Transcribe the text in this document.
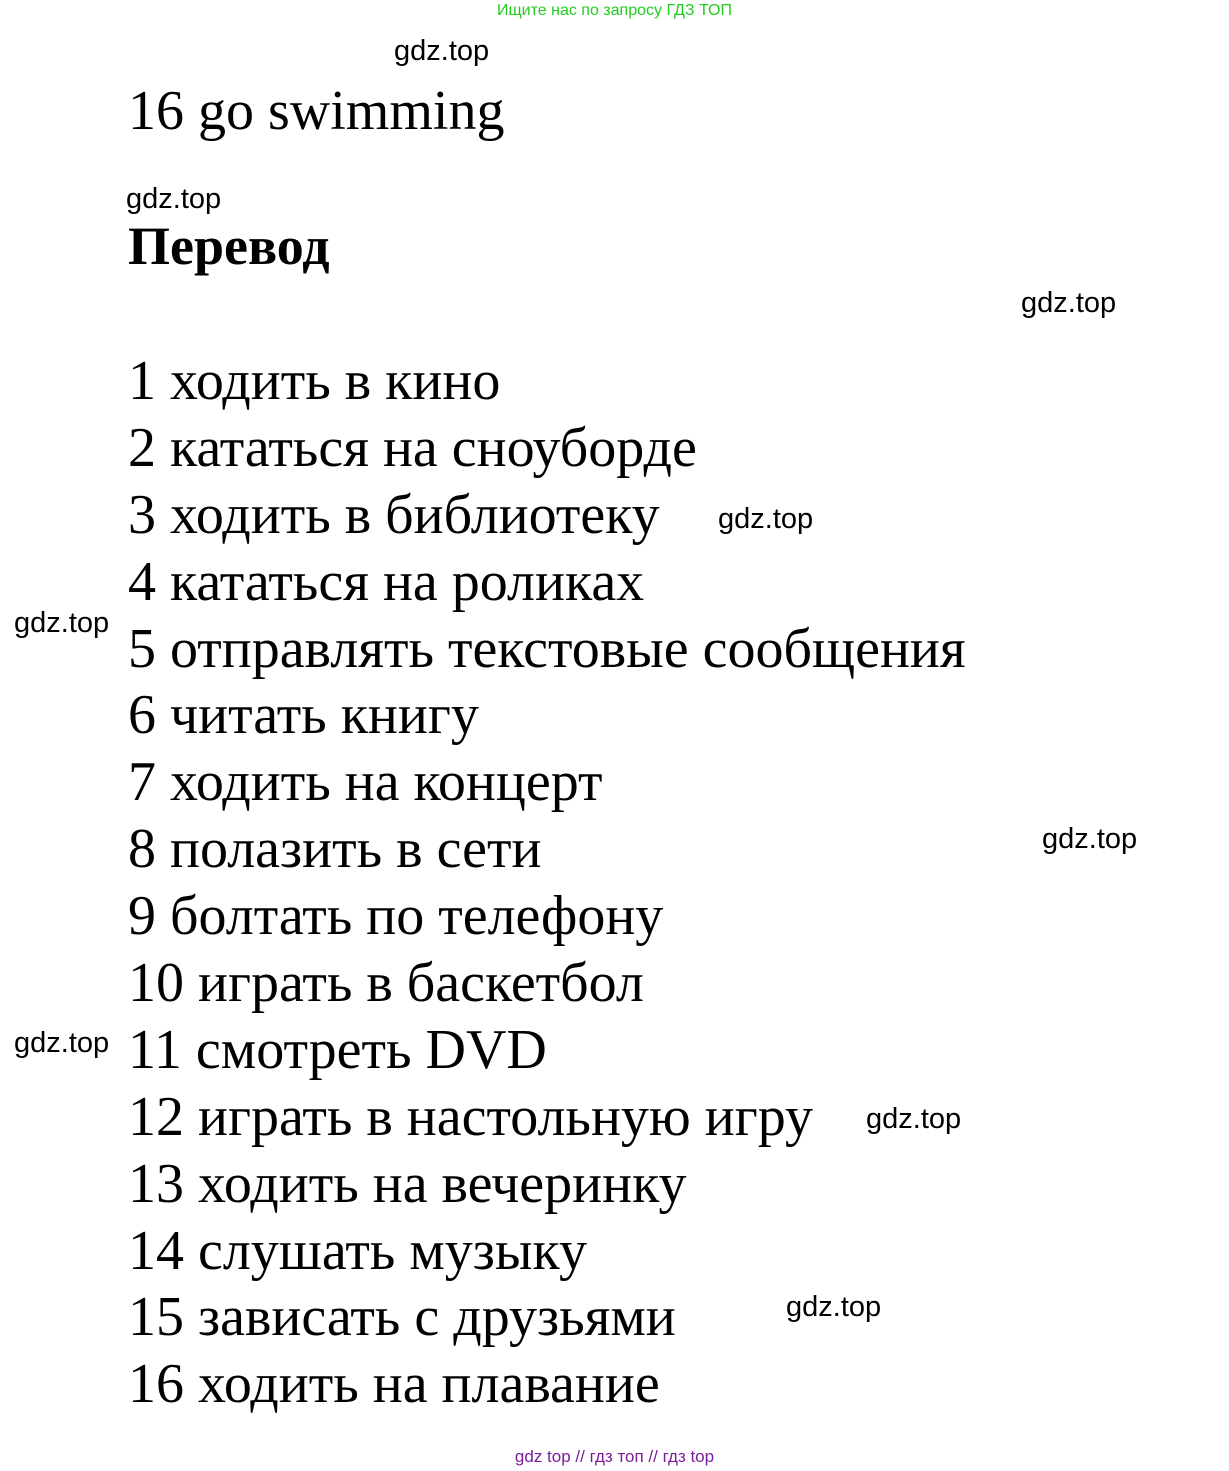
Ищите нас по запросу ГДЗ ТОП
gdz.top
16 go swimming
gdz.top
Перевод
gdz.top
1 ходить в кино
2 кататься на сноуборде
3 ходить в библиотеку
4 кататься на роликах
5 отправлять текстовые сообщения
6 читать книгу
7 ходить на концерт
8 полазить в сети
9 болтать по телефону
10 играть в баскетбол
11 смотреть DVD
12 играть в настольную игру
13 ходить на вечеринку
14 слушать музыку
15 зависать с друзьями
16 ходить на плавание
gdz.top
gdz.top
gdz.top
gdz.top
gdz.top
gdz.top
gdz top // гдз топ // гдз top
